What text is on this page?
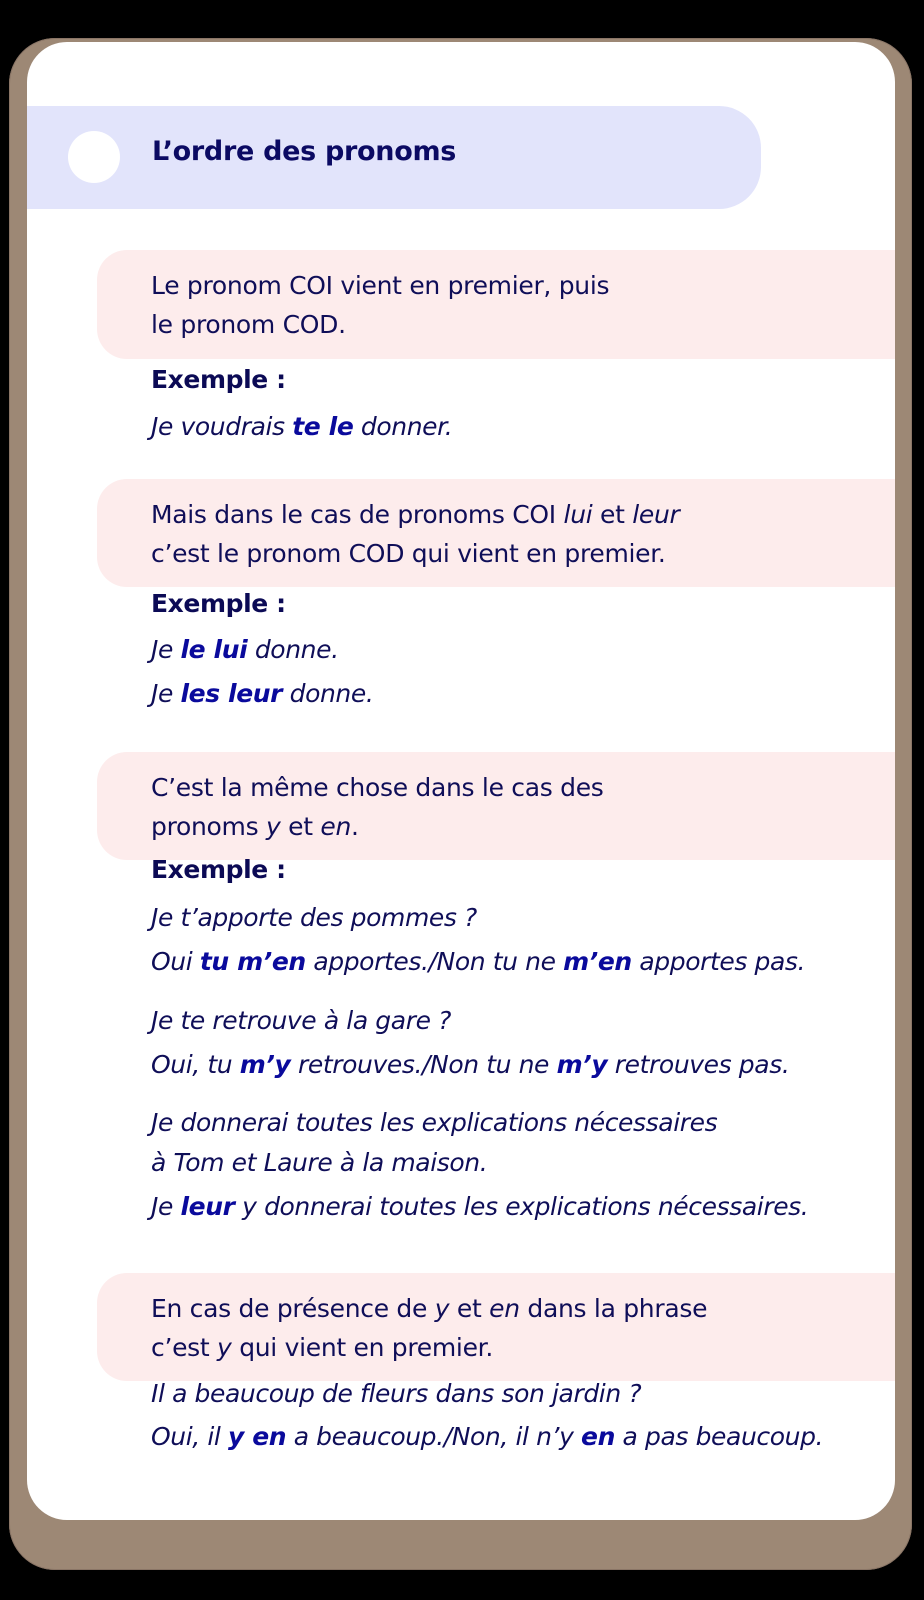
L’ordre des pronoms
Le pronom COI vient en premier, puis
le pronom COD.
Exemple :
Je voudrais te le donner.
Mais dans le cas de pronoms COI lui et leur
c’est le pronom COD qui vient en premier.
Exemple :
Je le lui donne.
Je les leur donne.
C’est la même chose dans le cas des
pronoms y et en.
Exemple :
Je t’apporte des pommes ?
Oui tu m’en apportes./Non tu ne m’en apportes pas.
Je te retrouve à la gare ?
Oui, tu m’y retrouves./Non tu ne m’y retrouves pas.
Je donnerai toutes les explications nécessaires
à Tom et Laure à la maison.
Je leur y donnerai toutes les explications nécessaires.
En cas de présence de y et en dans la phrase
c’est y qui vient en premier.
Il a beaucoup de fleurs dans son jardin ?
Oui, il y en a beaucoup./Non, il n’y en a pas beaucoup.
